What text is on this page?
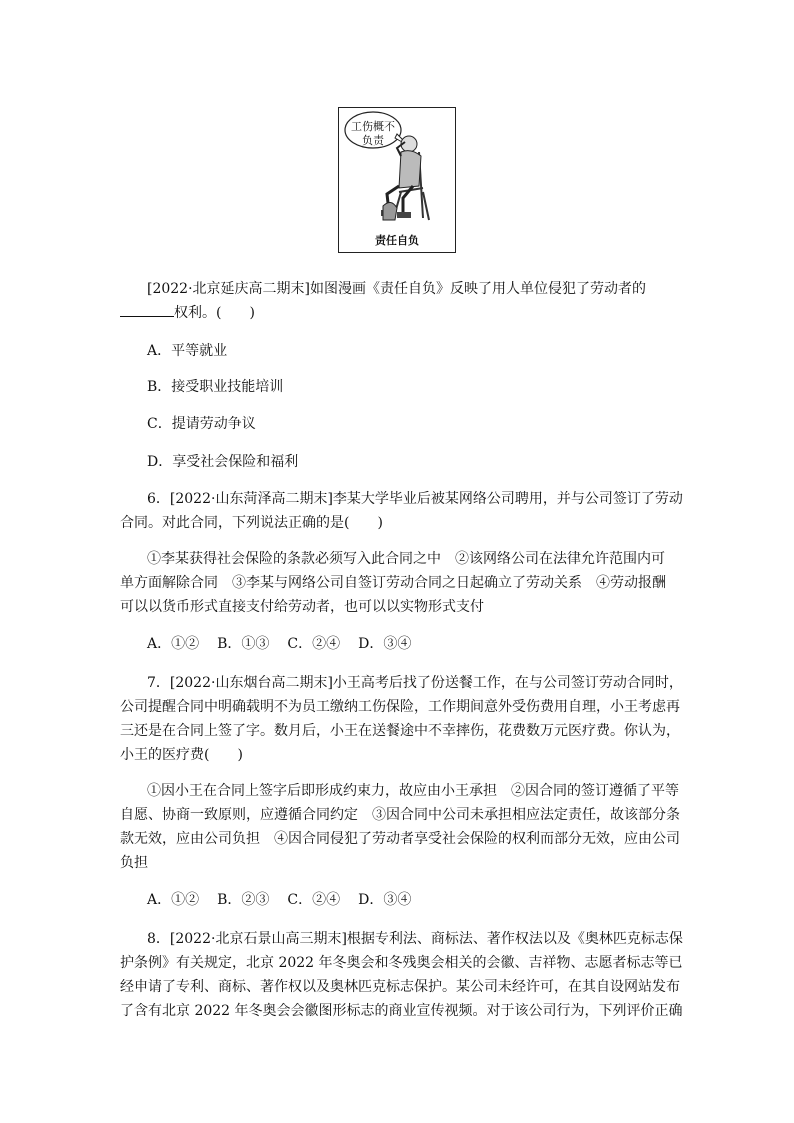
工伤概不负责
责任自负
[2022·北京延庆高二期末]如图漫画《责任自负》反映了用人单位侵犯了劳动者的
权利。(　　)
A．平等就业
B．接受职业技能培训
C．提请劳动争议
D．享受社会保险和福利
6．[2022·山东菏泽高二期末]李某大学毕业后被某网络公司聘用，并与公司签订了劳动
合同。对此合同，下列说法正确的是(　　)
①李某获得社会保险的条款必须写入此合同之中　②该网络公司在法律允许范围内可
单方面解除合同　③李某与网络公司自签订劳动合同之日起确立了劳动关系　④劳动报酬
可以以货币形式直接支付给劳动者，也可以以实物形式支付
A．①② B．①③ C．②④ D．③④
7．[2022·山东烟台高二期末]小王高考后找了份送餐工作，在与公司签订劳动合同时，
公司提醒合同中明确载明不为员工缴纳工伤保险，工作期间意外受伤费用自理，小王考虑再
三还是在合同上签了字。数月后，小王在送餐途中不幸摔伤，花费数万元医疗费。你认为，
小王的医疗费(　　)
①因小王在合同上签字后即形成约束力，故应由小王承担　②因合同的签订遵循了平等
自愿、协商一致原则，应遵循合同约定　③因合同中公司未承担相应法定责任，故该部分条
款无效，应由公司负担　④因合同侵犯了劳动者享受社会保险的权利而部分无效，应由公司
负担
A．①② B．②③ C．②④ D．③④
8．[2022·北京石景山高三期末]根据专利法、商标法、著作权法以及《奥林匹克标志保
护条例》有关规定，北京 2022 年冬奥会和冬残奥会相关的会徽、吉祥物、志愿者标志等已
经申请了专利、商标、著作权以及奥林匹克标志保护。某公司未经许可，在其自设网站发布
了含有北京 2022 年冬奥会会徽图形标志的商业宣传视频。对于该公司行为，下列评价正确
